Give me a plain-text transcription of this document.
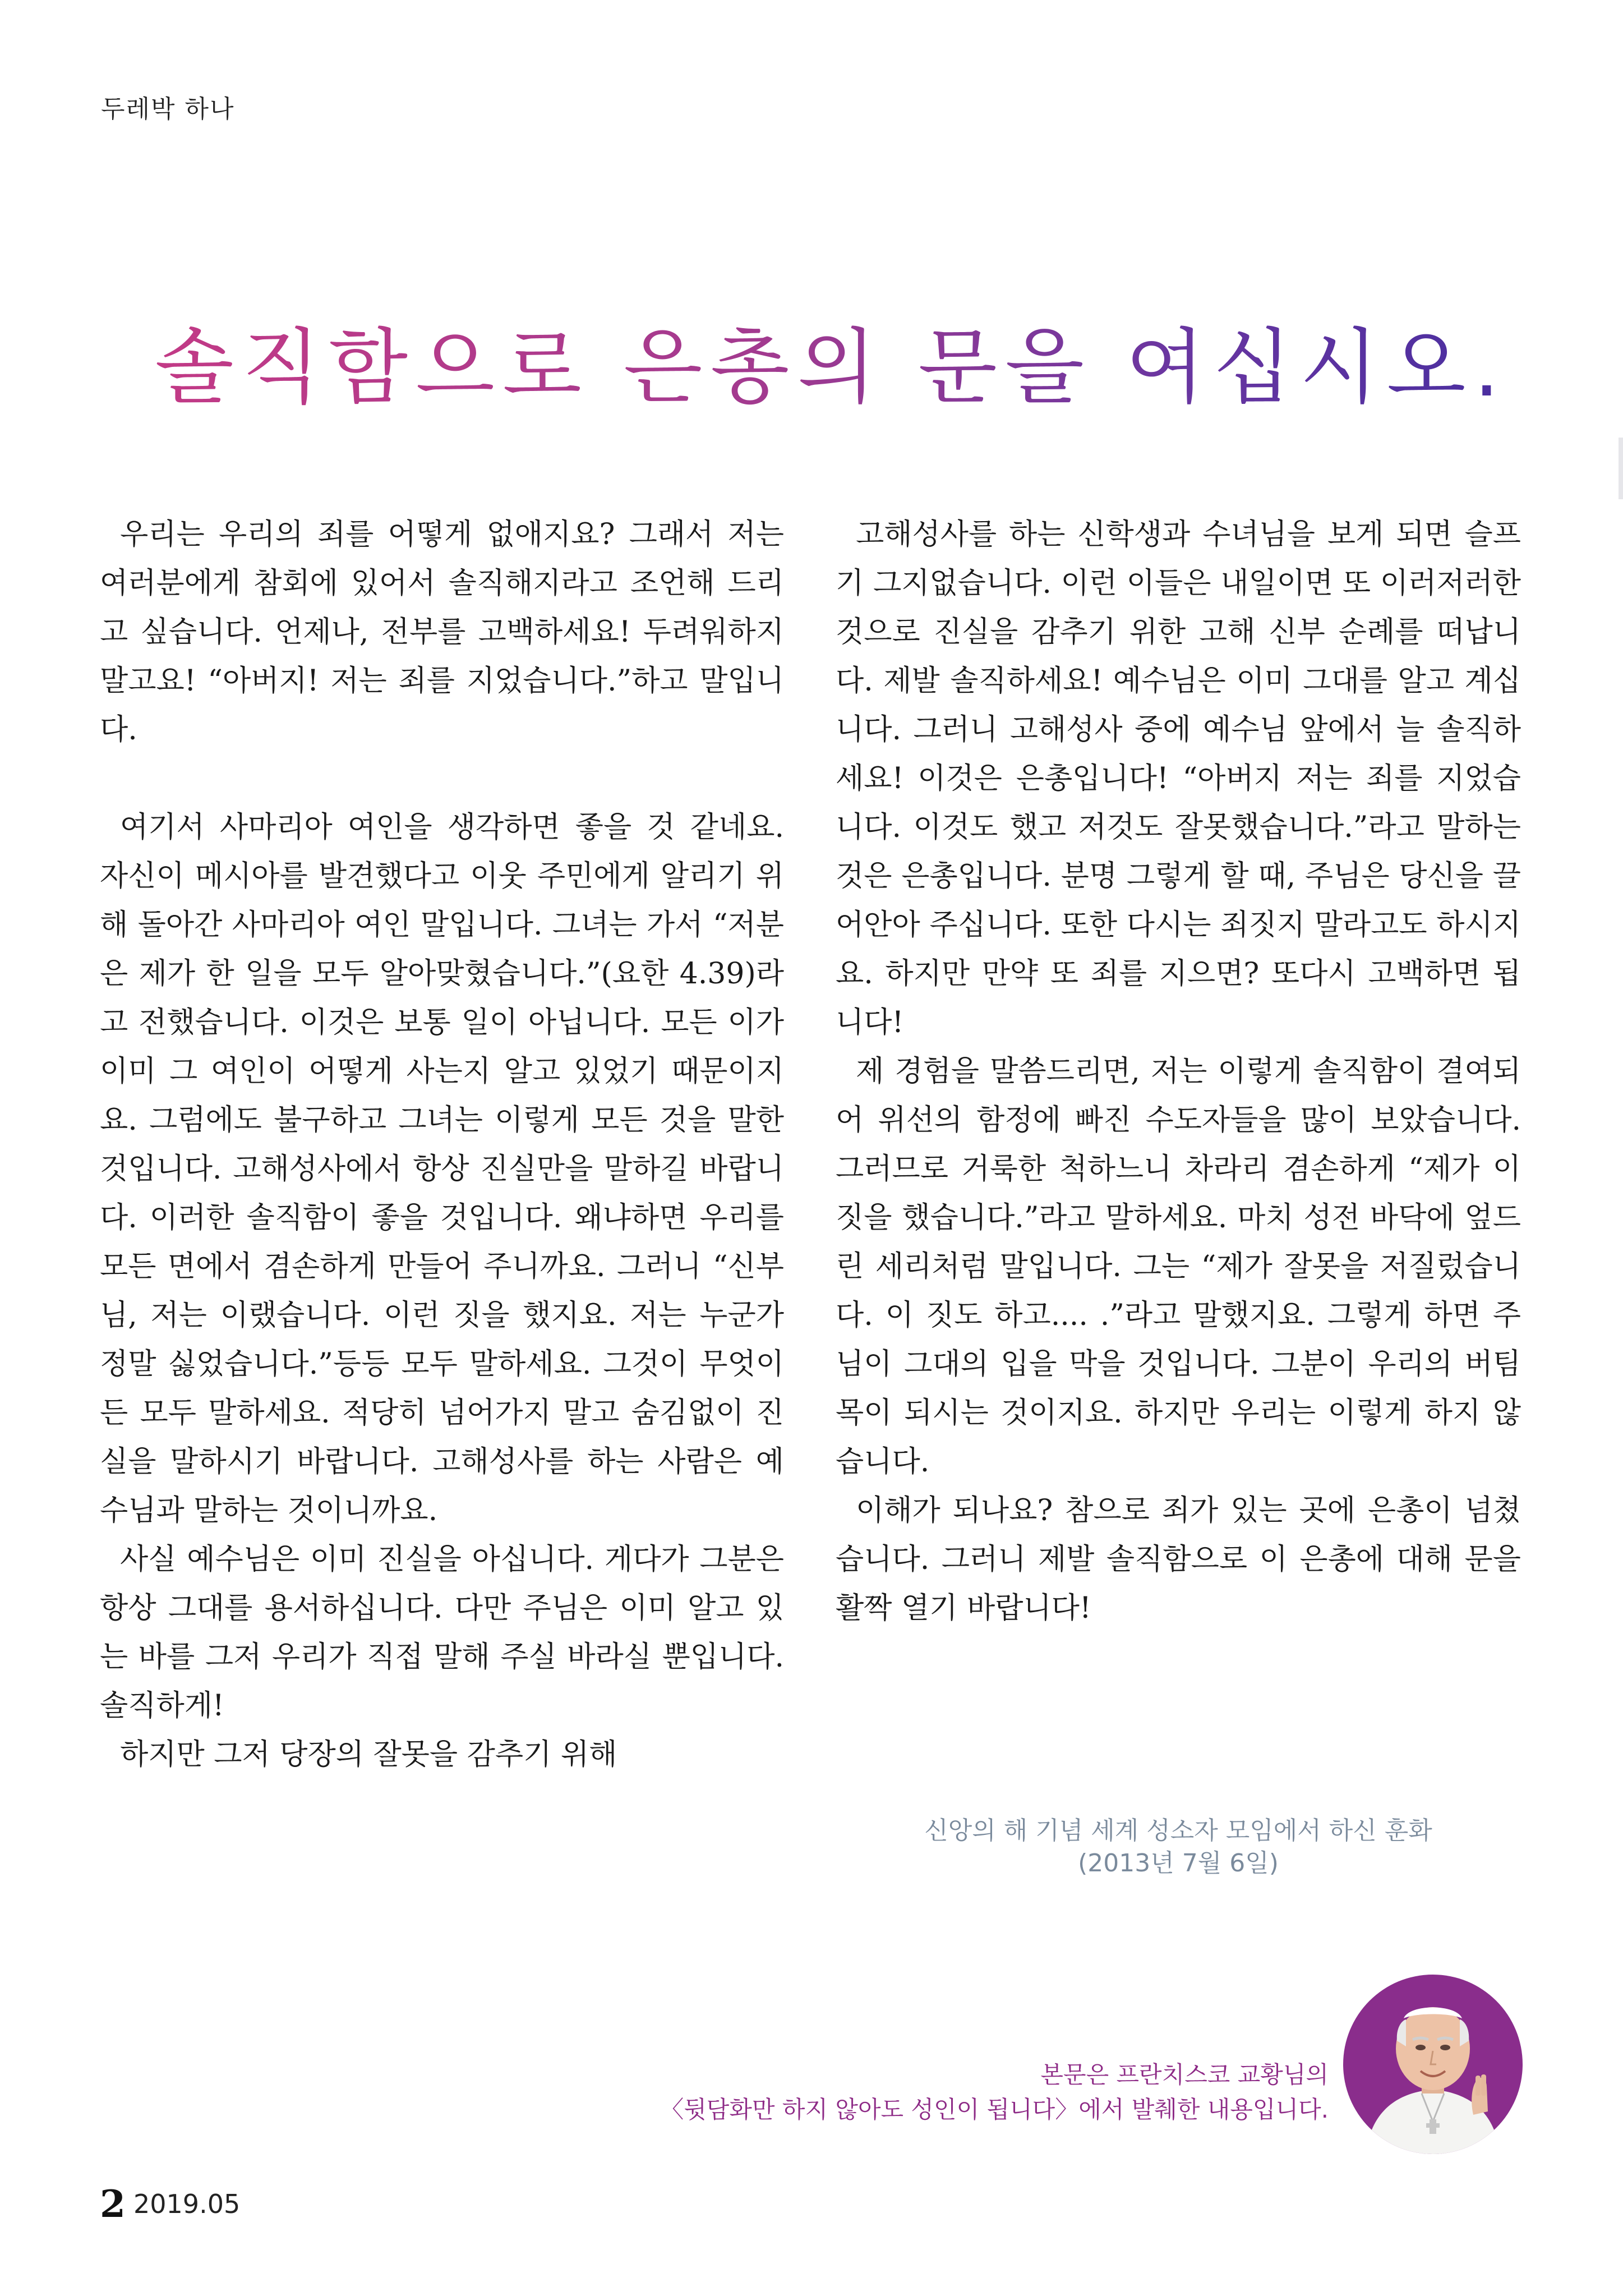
두레박 하나
솔직함으로 은총의 문을 여십시오.

우리는 우리의 죄를 어떻게 없애지요? 그래서 저는 여러분에게 참회에 있어서 솔직해지라고 조언해 드리고 싶습니다. 언제나, 전부를 고백하세요! 두려워하지 말고요! “아버지! 저는 죄를 지었습니다.”하고 말입니다.

여기서 사마리아 여인을 생각하면 좋을 것 같네요. 자신이 메시아를 발견했다고 이웃 주민에게 알리기 위해 돌아간 사마리아 여인 말입니다. 그녀는 가서 “저분은 제가 한 일을 모두 알아맞혔습니다.”(요한 4.39)라고 전했습니다. 이것은 보통 일이 아닙니다. 모든 이가 이미 그 여인이 어떻게 사는지 알고 있었기 때문이지요. 그럼에도 불구하고 그녀는 이렇게 모든 것을 말한 것입니다. 고해성사에서 항상 진실만을 말하길 바랍니다. 이러한 솔직함이 좋을 것입니다. 왜냐하면 우리를 모든 면에서 겸손하게 만들어 주니까요. 그러니 “신부님, 저는 이랬습니다. 이런 짓을 했지요. 저는 누군가 정말 싫었습니다.”등등 모두 말하세요. 그것이 무엇이든 모두 말하세요. 적당히 넘어가지 말고 숨김없이 진실을 말하시기 바랍니다. 고해성사를 하는 사람은 예수님과 말하는 것이니까요.

사실 예수님은 이미 진실을 아십니다. 게다가 그분은 항상 그대를 용서하십니다. 다만 주님은 이미 알고 있는 바를 그저 우리가 직접 말해 주실 바라실 뿐입니다. 솔직하게!

하지만 그저 당장의 잘못을 감추기 위해

고해성사를 하는 신학생과 수녀님을 보게 되면 슬프기 그지없습니다. 이런 이들은 내일이면 또 이러저러한 것으로 진실을 감추기 위한 고해 신부 순례를 떠납니다. 제발 솔직하세요! 예수님은 이미 그대를 알고 계십니다. 그러니 고해성사 중에 예수님 앞에서 늘 솔직하세요! 이것은 은총입니다! “아버지 저는 죄를 지었습니다. 이것도 했고 저것도 잘못했습니다.”라고 말하는 것은 은총입니다. 분명 그렇게 할 때, 주님은 당신을 끌어안아 주십니다. 또한 다시는 죄짓지 말라고도 하시지요. 하지만 만약 또 죄를 지으면? 또다시 고백하면 됩니다!

제 경험을 말씀드리면, 저는 이렇게 솔직함이 결여되어 위선의 함정에 빠진 수도자들을 많이 보았습니다. 그러므로 거룩한 척하느니 차라리 겸손하게 “제가 이 짓을 했습니다.”라고 말하세요. 마치 성전 바닥에 엎드린 세리처럼 말입니다. 그는 “제가 잘못을 저질렀습니다. 이 짓도 하고.... .”라고 말했지요. 그렇게 하면 주님이 그대의 입을 막을 것입니다. 그분이 우리의 버팀목이 되시는 것이지요. 하지만 우리는 이렇게 하지 않습니다.

이해가 되나요? 참으로 죄가 있는 곳에 은총이 넘쳤습니다. 그러니 제발 솔직함으로 이 은총에 대해 문을 활짝 열기 바랍니다!

신앙의 해 기념 세계 성소자 모임에서 하신 훈화
(2013년 7월 6일)
본문은 프란치스코 교황님의
〈뒷담화만 하지 않아도 성인이 됩니다〉에서 발췌한 내용입니다.
2 2019.05
